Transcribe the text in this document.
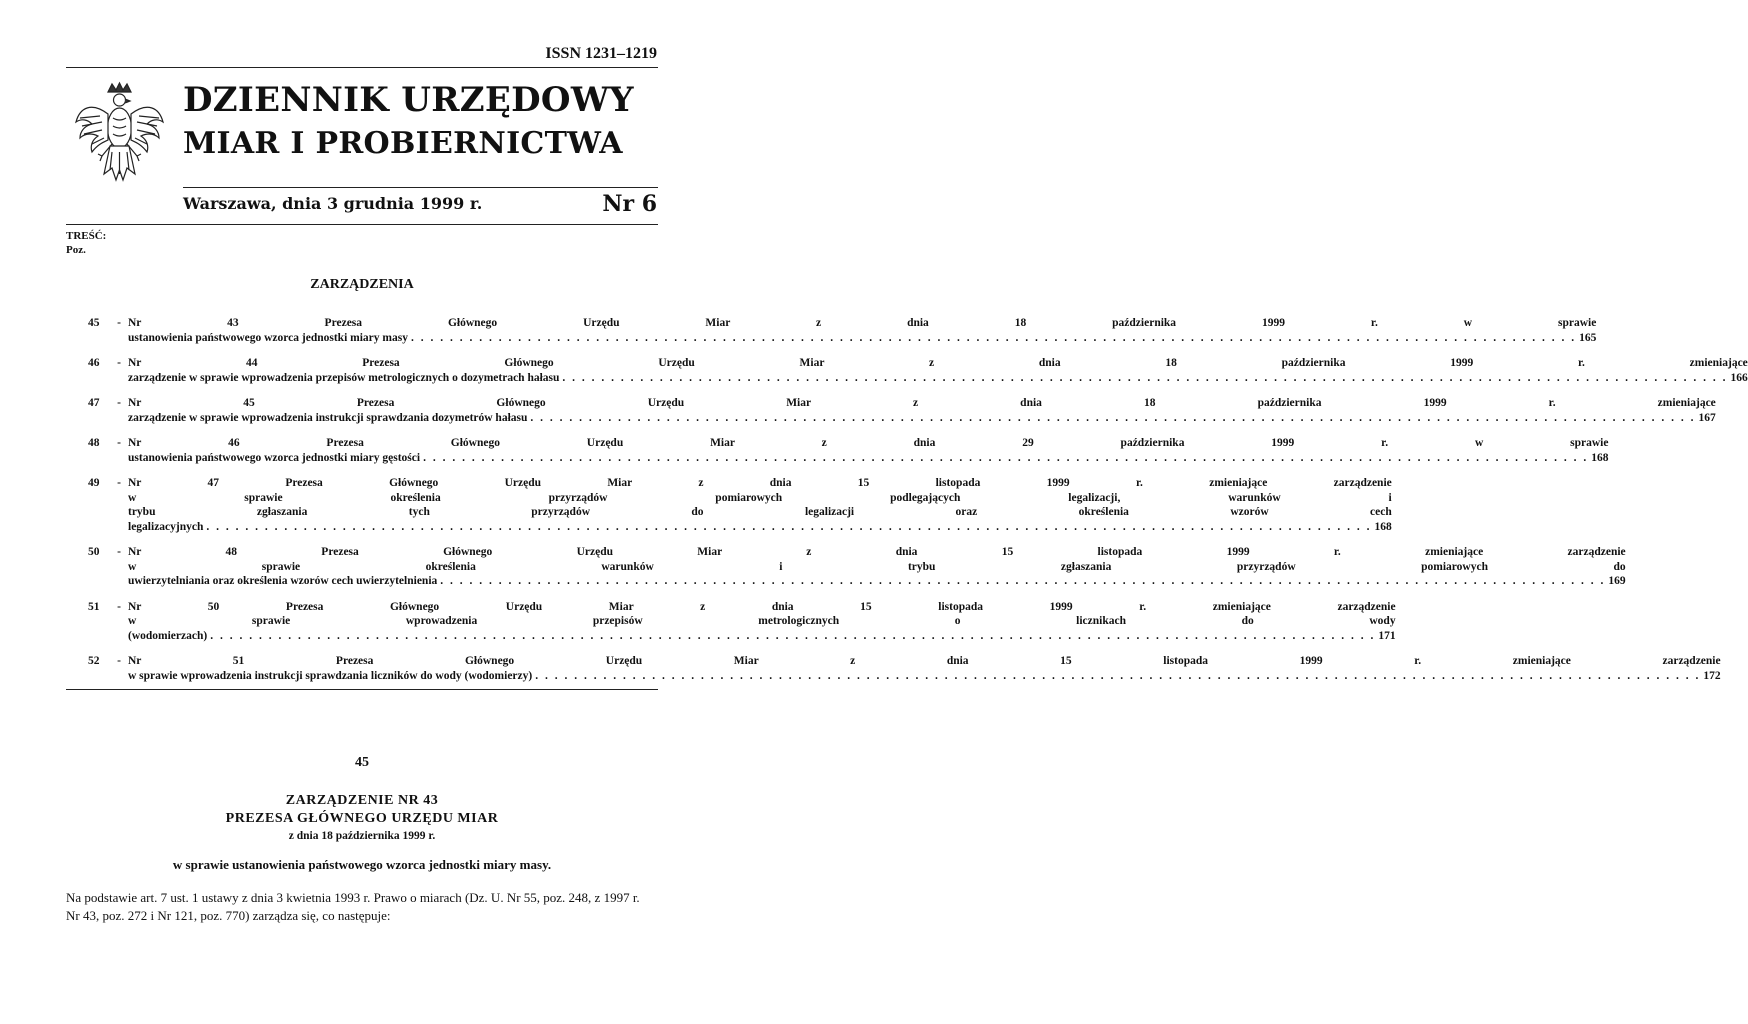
ISSN 1231–1219
DZIENNIK URZĘDOWY
MIAR I PROBIERNICTWA
Warszawa, dnia 3 grudnia 1999 r.	Nr 6
TREŚĆ:
Poz.
ZARZĄDZENIA
45	- Nr 43 Prezesa Głównego Urzędu Miar z dnia 18 października 1999 r. w sprawie
ustanowienia państwowego wzorca jednostki miary masy . . . . . . . . . . . . . . . . . . . . . . . . . . . . . . . . . . . . . . . . . . . . . . . . . . . . . . . . . . . . . . . . . . . . . . . . . . . . . . . . . . . . . . . . . . . . . . . . . . . . . . . . . . . . . . . . . . . . . . . . 165
46	- Nr 44 Prezesa Głównego Urzędu Miar z dnia 18 października 1999 r. zmieniające
zarządzenie w sprawie wprowadzenia przepisów metrologicznych o dozymetrach hałasu . . . . . . . . . . . . . . . . . . . . . . . . . . . . . . . . . . . . . . . . . . . . . . . . . . . . . . . . . . . . . . . . . . . . . . . . . . . . . . . . . . . . . . . . . . . . . . . . . . . . . . . . . . . . . . . . . . . . . . . . 166
47	- Nr 45 Prezesa Głównego Urzędu Miar z dnia 18 października 1999 r. zmieniające
zarządzenie w sprawie wprowadzenia instrukcji sprawdzania dozymetrów hałasu . . . . . . . . . . . . . . . . . . . . . . . . . . . . . . . . . . . . . . . . . . . . . . . . . . . . . . . . . . . . . . . . . . . . . . . . . . . . . . . . . . . . . . . . . . . . . . . . . . . . . . . . . . . . . . . . . . . . . . . . 167
48	- Nr 46 Prezesa Głównego Urzędu Miar z dnia 29 października 1999 r. w sprawie
ustanowienia państwowego wzorca jednostki miary gęstości . . . . . . . . . . . . . . . . . . . . . . . . . . . . . . . . . . . . . . . . . . . . . . . . . . . . . . . . . . . . . . . . . . . . . . . . . . . . . . . . . . . . . . . . . . . . . . . . . . . . . . . . . . . . . . . . . . . . . . . . 168
49	- Nr 47 Prezesa Głównego Urzędu Miar z dnia 15 listopada 1999 r. zmieniające zarządzenie
w sprawie określenia przyrządów pomiarowych podlegających legalizacji, warunków i
trybu zgłaszania tych przyrządów do legalizacji oraz określenia wzorów cech
legalizacyjnych . . . . . . . . . . . . . . . . . . . . . . . . . . . . . . . . . . . . . . . . . . . . . . . . . . . . . . . . . . . . . . . . . . . . . . . . . . . . . . . . . . . . . . . . . . . . . . . . . . . . . . . . . . . . . . . . . . . . . . . . 168
50	- Nr 48 Prezesa Głównego Urzędu Miar z dnia 15 listopada 1999 r. zmieniające zarządzenie
w sprawie określenia warunków i trybu zgłaszania przyrządów pomiarowych do
uwierzytelniania oraz określenia wzorów cech uwierzytelnienia . . . . . . . . . . . . . . . . . . . . . . . . . . . . . . . . . . . . . . . . . . . . . . . . . . . . . . . . . . . . . . . . . . . . . . . . . . . . . . . . . . . . . . . . . . . . . . . . . . . . . . . . . . . . . . . . . . . . . . . . 169
51	- Nr 50 Prezesa Głównego Urzędu Miar z dnia 15 listopada 1999 r. zmieniające zarządzenie
w sprawie wprowadzenia przepisów metrologicznych o licznikach do wody
(wodomierzach) . . . . . . . . . . . . . . . . . . . . . . . . . . . . . . . . . . . . . . . . . . . . . . . . . . . . . . . . . . . . . . . . . . . . . . . . . . . . . . . . . . . . . . . . . . . . . . . . . . . . . . . . . . . . . . . . . . . . . . . . 171
52	- Nr 51 Prezesa Głównego Urzędu Miar z dnia 15 listopada 1999 r. zmieniające zarządzenie
w sprawie wprowadzenia instrukcji sprawdzania liczników do wody (wodomierzy) . . . . . . . . . . . . . . . . . . . . . . . . . . . . . . . . . . . . . . . . . . . . . . . . . . . . . . . . . . . . . . . . . . . . . . . . . . . . . . . . . . . . . . . . . . . . . . . . . . . . . . . . . . . . . . . . . . . . . . . . 172
45
ZARZĄDZENIE NR 43
PREZESA GŁÓWNEGO URZĘDU MIAR
z dnia 18 października 1999 r.
w sprawie ustanowienia państwowego wzorca jednostki miary masy.
Na podstawie art. 7 ust. 1 ustawy z dnia 3 kwietnia 1993 r. Prawo o miarach (Dz. U. Nr 55, poz. 248, z 1997 r.
Nr 43, poz. 272 i Nr 121, poz. 770) zarządza się, co następuje:
